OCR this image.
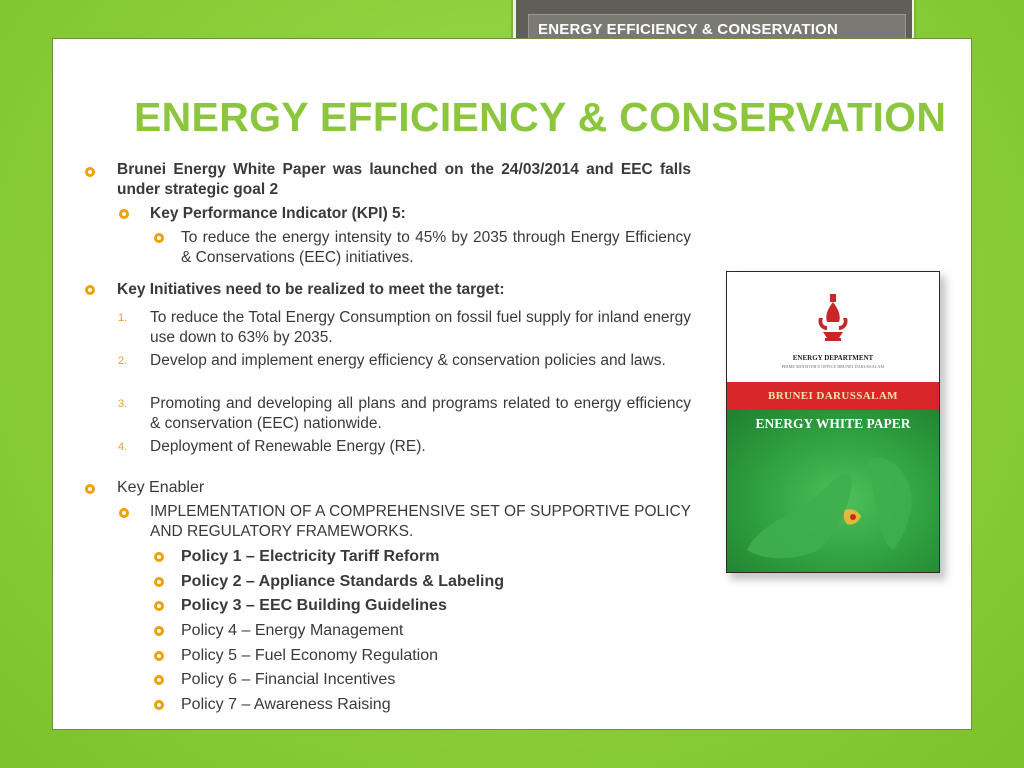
ENERGY EFFICIENCY & CONSERVATION
ENERGY EFFICIENCY & CONSERVATION
Brunei Energy White Paper was launched on the 24/03/2014 and EEC falls under strategic goal 2
Key Performance Indicator (KPI) 5:
To reduce the energy intensity to 45% by 2035 through Energy Efficiency & Conservations (EEC) initiatives.
Key Initiatives need to be realized to meet the target:
1. To reduce the Total Energy Consumption on fossil fuel supply for inland energy use down to 63% by 2035.
2. Develop and implement energy efficiency & conservation policies and laws.
3. Promoting and developing all plans and programs related to energy efficiency & conservation (EEC) nationwide.
4. Deployment of Renewable Energy (RE).
Key Enabler
IMPLEMENTATION OF A COMPREHENSIVE SET OF SUPPORTIVE POLICY AND REGULATORY FRAMEWORKS.
Policy 1 – Electricity Tariff Reform
Policy 2 – Appliance Standards & Labeling
Policy 3 – EEC Building Guidelines
Policy 4 – Energy Management
Policy 5 – Fuel Economy Regulation
Policy 6 – Financial Incentives
Policy 7 – Awareness Raising
ENERGY DEPARTMENT
PRIME MINISTER'S OFFICE BRUNEI DARUSSALAM
BRUNEI DARUSSALAM
ENERGY WHITE PAPER
